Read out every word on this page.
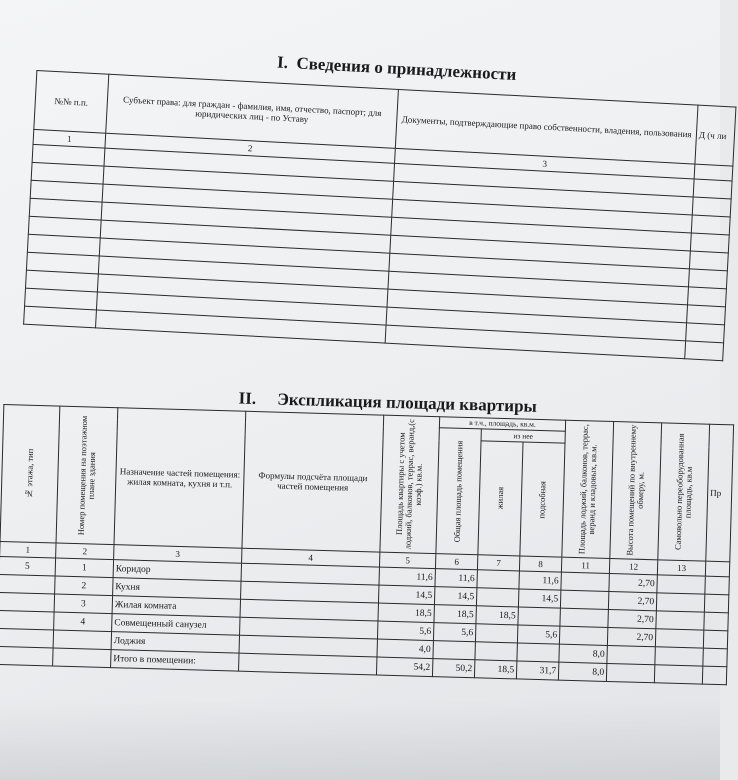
I. Сведения о принадлежности
№№ п.п.	Субъект права: для граждан - фамилия, имя, отчество, паспорт; для юридических лиц - по Уставу	Документы, подтверждающие право собственности, владения, пользования	Д (ч ли
1	2	3	

II. Экспликация площади квартиры
№ этажа, тип	Номер помещения на поэтажном плане здания	Назначение частей помещения: жилая комната, кухня и т.п.	Формулы подсчёта площади частей помещения	Площадь квартиры с учетом лоджий, балконов, террас, веранд,(с коэф.) кв.м.	в т.ч., площадь, кв.м.			Площадь лоджий, балконов, террас, веранд и кладовых, кв.м.	Высота помещений по внутреннему обмеру, м.	Самовольно переоборудованная площадь, кв.м	Пр

					Общая площадь помещения	из нее					

						жилая	подсобная				

1	2	3	4	5	6	7	8	11	12	13	
5	1	Коридор		11,6	11,6		11,6		2,70		
	2	Кухня		14,5	14,5		14,5		2,70		
	3	Жилая комната		18,5	18,5	18,5			2,70		
	4	Совмещенный санузел		5,6	5,6		5,6		2,70		
		Лоджия		4,0				8,0			
		Итого в помещении:		54,2	50,2	18,5	31,7	8,0			
